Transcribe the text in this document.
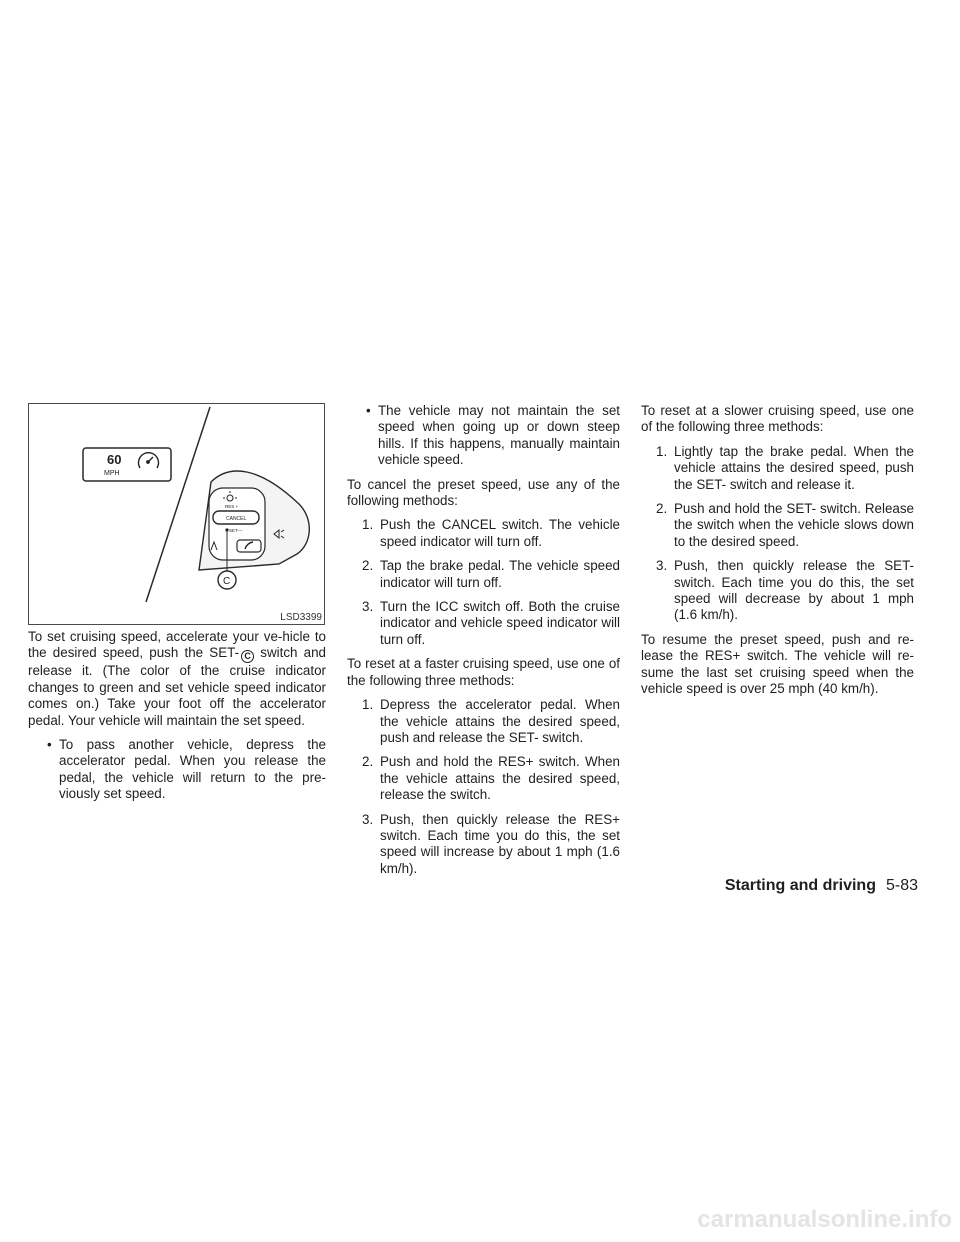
60
MPH
RES +
CANCEL
SET—
C
LSD3399

To set cruising speed, accelerate your ve-hicle to the desired speed, push the SET- C switch and release it. (The color of the cruise indicator changes to green and set vehicle speed indicator comes on.) Take your foot off the accelerator pedal. Your vehicle will maintain the set speed.

• To pass another vehicle, depress the accelerator pedal. When you release the pedal, the vehicle will return to the pre-viously set speed.
• The vehicle may not maintain the set speed when going up or down steep hills. If this happens, manually maintain vehicle speed.

To cancel the preset speed, use any of the following methods:

1. Push the CANCEL switch. The vehicle speed indicator will turn off.
2. Tap the brake pedal. The vehicle speed indicator will turn off.
3. Turn the ICC switch off. Both the cruise indicator and vehicle speed indicator will turn off.

To reset at a faster cruising speed, use one of the following three methods:

1. Depress the accelerator pedal. When the vehicle attains the desired speed, push and release the SET- switch.
2. Push and hold the RES+ switch. When the vehicle attains the desired speed, release the switch.
3. Push, then quickly release the RES+ switch. Each time you do this, the set speed will increase by about 1 mph (1.6 km/h).

To reset at a slower cruising speed, use one of the following three methods:

1. Lightly tap the brake pedal. When the vehicle attains the desired speed, push the SET- switch and release it.
2. Push and hold the SET- switch. Release the switch when the vehicle slows down to the desired speed.
3. Push, then quickly release the SET- switch. Each time you do this, the set speed will decrease by about 1 mph (1.6 km/h).

To resume the preset speed, push and re-lease the RES+ switch. The vehicle will re-sume the last set cruising speed when the vehicle speed is over 25 mph (40 km/h).

Starting and driving 5-83
carmanualsonline.info
